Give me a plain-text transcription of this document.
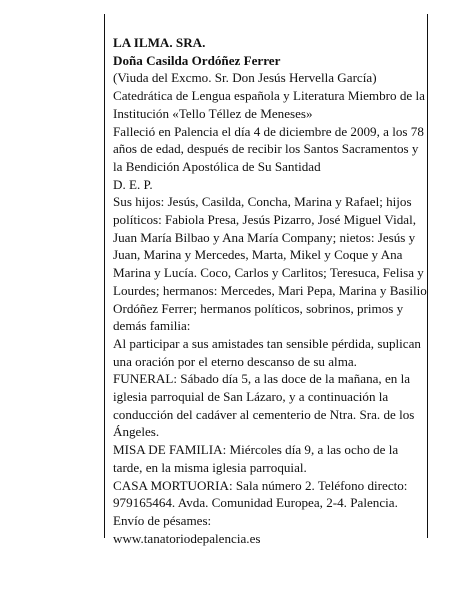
LA ILMA. SRA.

Doña Casilda Ordóñez Ferrer

(Viuda del Excmo. Sr. Don Jesús Hervella García)

Catedrática de Lengua española y Literatura Miembro de la Institución «Tello Téllez de Meneses»

Falleció en Palencia el día 4 de diciembre de 2009, a los 78 años de edad, después de recibir los Santos Sacramentos y la Bendición Apostólica de Su Santidad

D. E. P.

Sus hijos: Jesús, Casilda, Concha, Marina y Rafael; hijos políticos: Fabiola Presa, Jesús Pizarro, José Miguel Vidal, Juan María Bilbao y Ana María Company; nietos: Jesús y Juan, Marina y Mercedes, Marta, Mikel y Coque y Ana Marina y Lucía. Coco, Carlos y Carlitos; Teresuca, Felisa y Lourdes; hermanos: Mercedes, Mari Pepa, Marina y Basilio Ordóñez Ferrer; hermanos políticos, sobrinos, primos y demás familia:

Al participar a sus amistades tan sensible pérdida, suplican una oración por el eterno descanso de su alma.

FUNERAL: Sábado día 5, a las doce de la mañana, en la iglesia parroquial de San Lázaro, y a continuación la conducción del cadáver al cementerio de Ntra. Sra. de los Ángeles.

MISA DE FAMILIA: Miércoles día 9, a las ocho de la tarde, en la misma iglesia parroquial.

CASA MORTUORIA: Sala número 2. Teléfono directo: 979165464. Avda. Comunidad Europea, 2-4. Palencia. Envío de pésames:

www.tanatoriodepalencia.es
